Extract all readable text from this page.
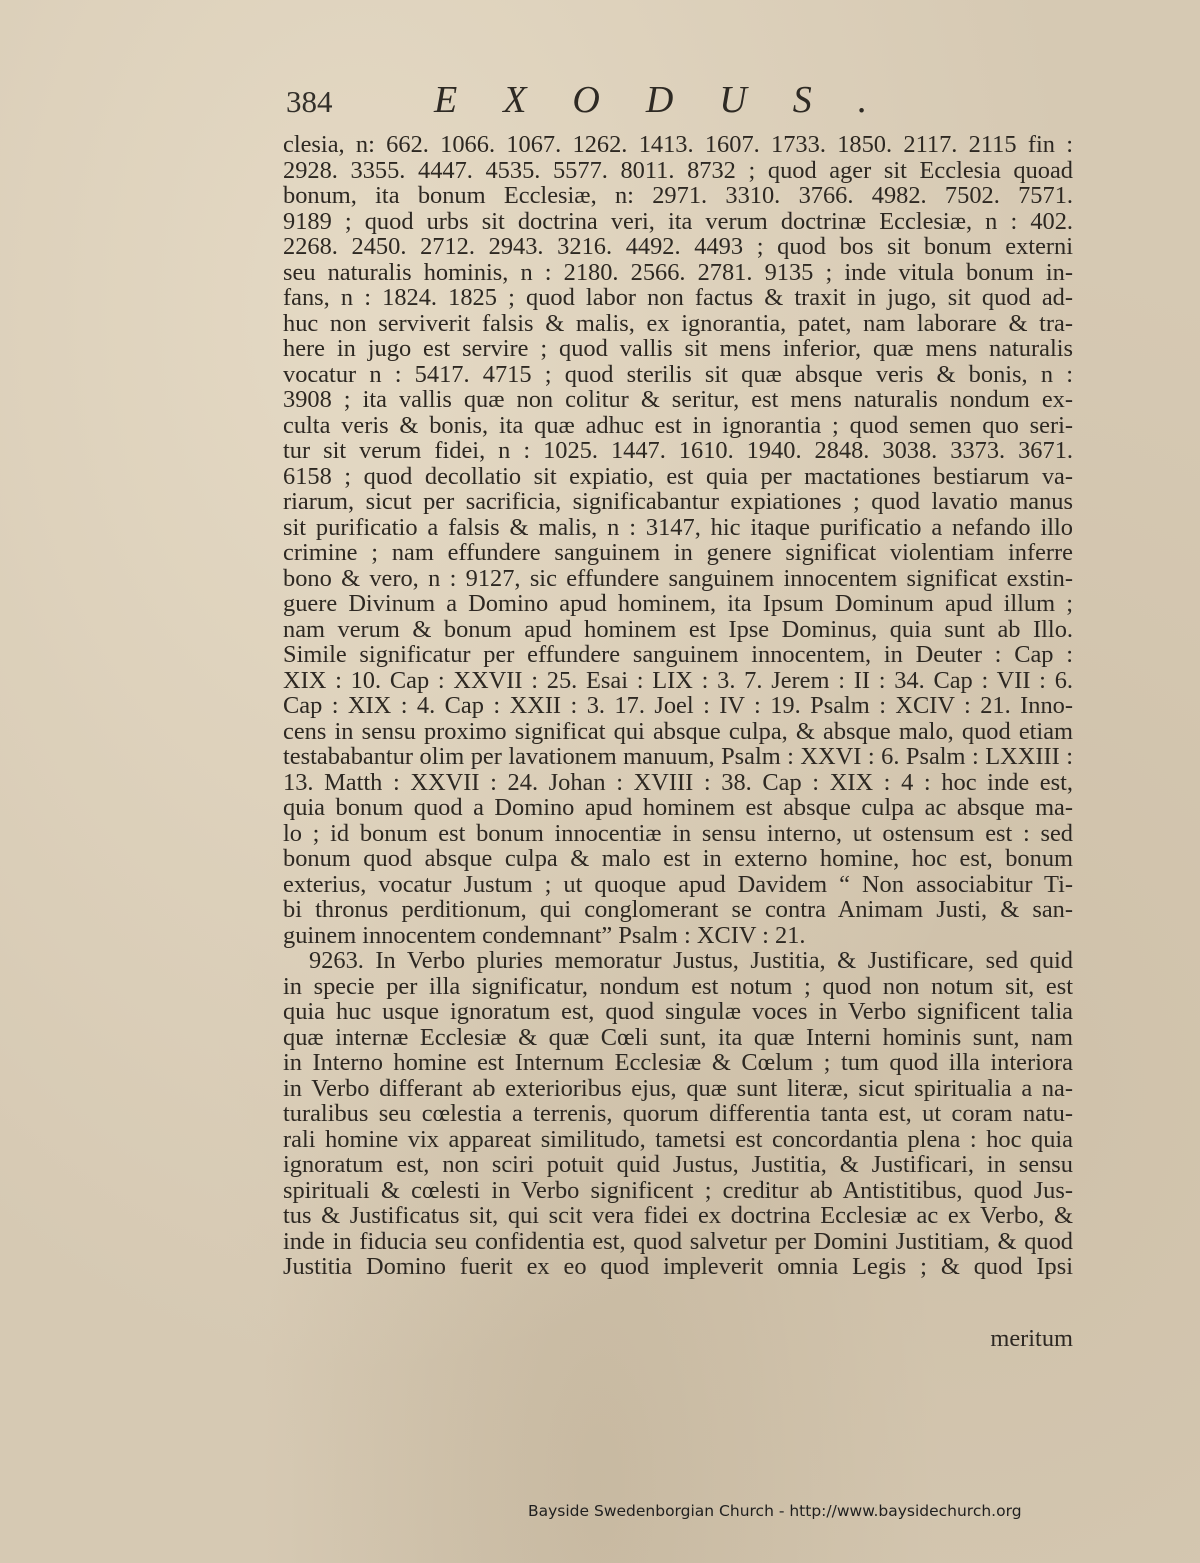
384	EXODUS.
clesia, n: 662. 1066. 1067. 1262. 1413. 1607. 1733. 1850. 2117. 2115 fin :
2928. 3355. 4447. 4535. 5577. 8011. 8732 ; quod ager sit Ecclesia quoad
bonum, ita bonum Ecclesiæ, n: 2971. 3310. 3766. 4982. 7502. 7571.
9189 ; quod urbs sit doctrina veri, ita verum doctrinæ Ecclesiæ, n : 402.
2268. 2450. 2712. 2943. 3216. 4492. 4493 ; quod bos sit bonum externi
seu naturalis hominis, n : 2180. 2566. 2781. 9135 ; inde vitula bonum in-
fans, n : 1824. 1825 ; quod labor non factus & traxit in jugo, sit quod ad-
huc non serviverit falsis & malis, ex ignorantia, patet, nam laborare & tra-
here in jugo est servire ; quod vallis sit mens inferior, quæ mens naturalis
vocatur n : 5417. 4715 ; quod sterilis sit quæ absque veris & bonis, n :
3908 ; ita vallis quæ non colitur & seritur, est mens naturalis nondum ex-
culta veris & bonis, ita quæ adhuc est in ignorantia ; quod semen quo seri-
tur sit verum fidei, n : 1025. 1447. 1610. 1940. 2848. 3038. 3373. 3671.
6158 ; quod decollatio sit expiatio, est quia per mactationes bestiarum va-
riarum, sicut per sacrificia, significabantur expiationes ; quod lavatio manus
sit purificatio a falsis & malis, n : 3147, hic itaque purificatio a nefando illo
crimine ; nam effundere sanguinem in genere significat violentiam inferre
bono & vero, n : 9127, sic effundere sanguinem innocentem significat exstin-
guere Divinum a Domino apud hominem, ita Ipsum Dominum apud illum ;
nam verum & bonum apud hominem est Ipse Dominus, quia sunt ab Illo.
Simile significatur per effundere sanguinem innocentem, in Deuter : Cap :
XIX : 10. Cap : XXVII : 25. Esai : LIX : 3. 7. Jerem : II : 34. Cap : VII : 6.
Cap : XIX : 4. Cap : XXII : 3. 17. Joel : IV : 19. Psalm : XCIV : 21. Inno-
cens in sensu proximo significat qui absque culpa, & absque malo, quod etiam
testababantur olim per lavationem manuum, Psalm : XXVI : 6. Psalm : LXXIII :
13. Matth : XXVII : 24. Johan : XVIII : 38. Cap : XIX : 4 : hoc inde est,
quia bonum quod a Domino apud hominem est absque culpa ac absque ma-
lo ; id bonum est bonum innocentiæ in sensu interno, ut ostensum est : sed
bonum quod absque culpa & malo est in externo homine, hoc est, bonum
exterius, vocatur Justum ; ut quoque apud Davidem “ Non associabitur Ti-
bi thronus perditionum, qui conglomerant se contra Animam Justi, & san-
guinem innocentem condemnant” Psalm : XCIV : 21.
9263. In Verbo pluries memoratur Justus, Justitia, & Justificare, sed quid
in specie per illa significatur, nondum est notum ; quod non notum sit, est
quia huc usque ignoratum est, quod singulæ voces in Verbo significent talia
quæ internæ Ecclesiæ & quæ Cœli sunt, ita quæ Interni hominis sunt, nam
in Interno homine est Internum Ecclesiæ & Cœlum ; tum quod illa interiora
in Verbo differant ab exterioribus ejus, quæ sunt literæ, sicut spiritualia a na-
turalibus seu cœlestia a terrenis, quorum differentia tanta est, ut coram natu-
rali homine vix appareat similitudo, tametsi est concordantia plena : hoc quia
ignoratum est, non sciri potuit quid Justus, Justitia, & Justificari, in sensu
spirituali & cœlesti in Verbo significent ; creditur ab Antistitibus, quod Jus-
tus & Justificatus sit, qui scit vera fidei ex doctrina Ecclesiæ ac ex Verbo, &
inde in fiducia seu confidentia est, quod salvetur per Domini Justitiam, & quod
Justitia Domino fuerit ex eo quod impleverit omnia Legis ; & quod Ipsi
meritum
Bayside Swedenborgian Church - http://www.baysidechurch.org
